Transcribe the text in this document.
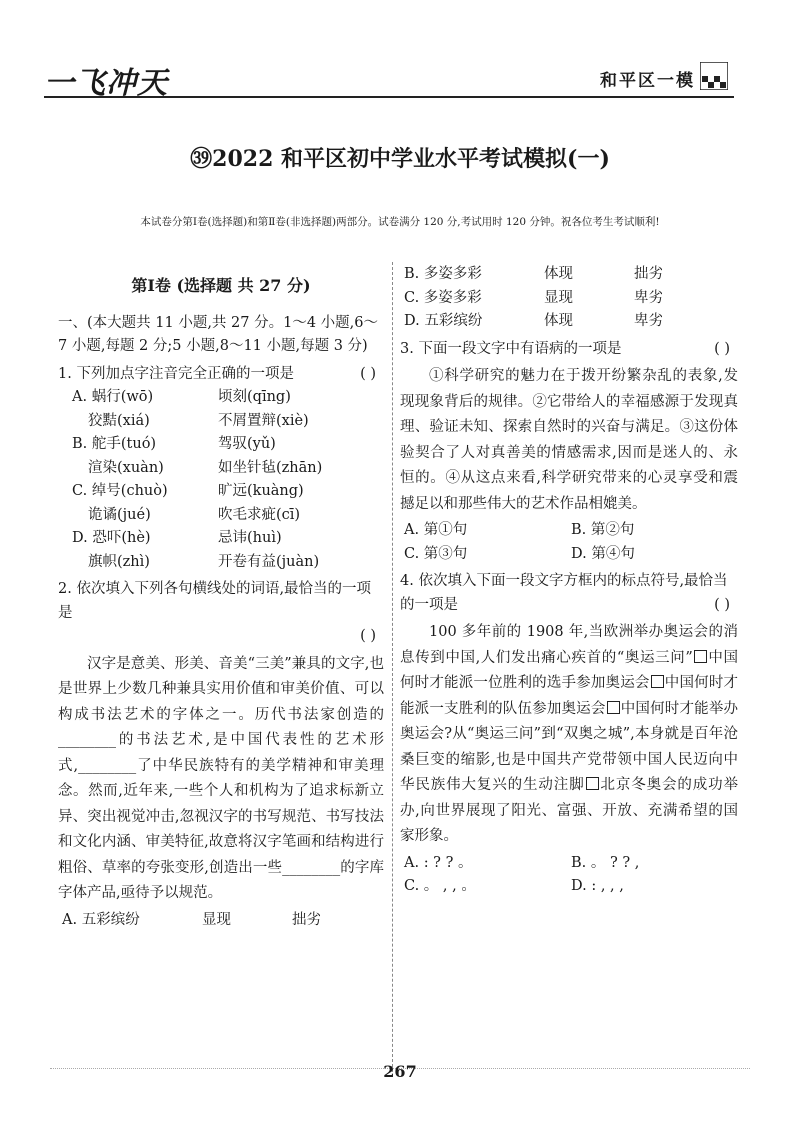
一飞冲天	和平区一模
㊴2022 和平区初中学业水平考试模拟(一)
本试卷分第Ⅰ卷(选择题)和第Ⅱ卷(非选择题)两部分。试卷满分 120 分,考试用时 120 分钟。祝各位考生考试顺利!
第Ⅰ卷 (选择题 共 27 分)
一、(本大题共 11 小题,共 27 分。1～4 小题,6～7 小题,每题 2 分;5 小题,8～11 小题,每题 3 分)
( )
1. 下列加点字注音完全正确的一项是
A. 蜗行(wō)	顷刻(qīng)
狡黠(xiá)	不屑置辩(xiè)
B. 舵手(tuó)	驾驭(yǔ)
渲染(xuàn)	如坐针毡(zhān)
C. 绰号(chuò)	旷远(kuàng)
诡谲(jué)	吹毛求疵(cī)
D. 恐吓(hè)	忌讳(huì)
旗帜(zhì)	开卷有益(juàn)
2. 依次填入下列各句横线处的词语,最恰当的一项是
( )
汉字是意美、形美、音美“三美”兼具的文字,也是世界上少数几种兼具实用价值和审美价值、可以构成书法艺术的字体之一。历代书法家创造的________的书法艺术,是中国代表性的艺术形式,________了中华民族特有的美学精神和审美理念。然而,近年来,一些个人和机构为了追求标新立异、突出视觉冲击,忽视汉字的书写规范、书写技法和文化内涵、审美特征,故意将汉字笔画和结构进行粗俗、草率的夸张变形,创造出一些________的字库字体产品,亟待予以规范。
A. 五彩缤纷	显现	拙劣
B. 多姿多彩	体现	拙劣
C. 多姿多彩	显现	卑劣
D. 五彩缤纷	体现	卑劣
( )
3. 下面一段文字中有语病的一项是
①科学研究的魅力在于拨开纷繁杂乱的表象,发现现象背后的规律。②它带给人的幸福感源于发现真理、验证未知、探索自然时的兴奋与满足。③这份体验契合了人对真善美的情感需求,因而是迷人的、永恒的。④从这点来看,科学研究带来的心灵享受和震撼足以和那些伟大的艺术作品相媲美。
A. 第①句	B. 第②句
C. 第③句	D. 第④句
4. 依次填入下面一段文字方框内的标点符号,最恰当的一项是	( )
100 多年前的 1908 年,当欧洲举办奥运会的消息传到中国,人们发出痛心疾首的“奥运三问” 中国何时才能派一位胜利的选手参加奥运会 中国何时才能派一支胜利的队伍参加奥运会 中国何时才能举办奥运会?从“奥运三问”到“双奥之城”,本身就是百年沧桑巨变的缩影,也是中国共产党带领中国人民迈向中华民族伟大复兴的生动注脚 北京冬奥会的成功举办,向世界展现了阳光、富强、开放、充满希望的国家形象。
A. : ? ? 。	B. 。 ? ? ,
C. 。 , , 。	D. : , , ,
267
